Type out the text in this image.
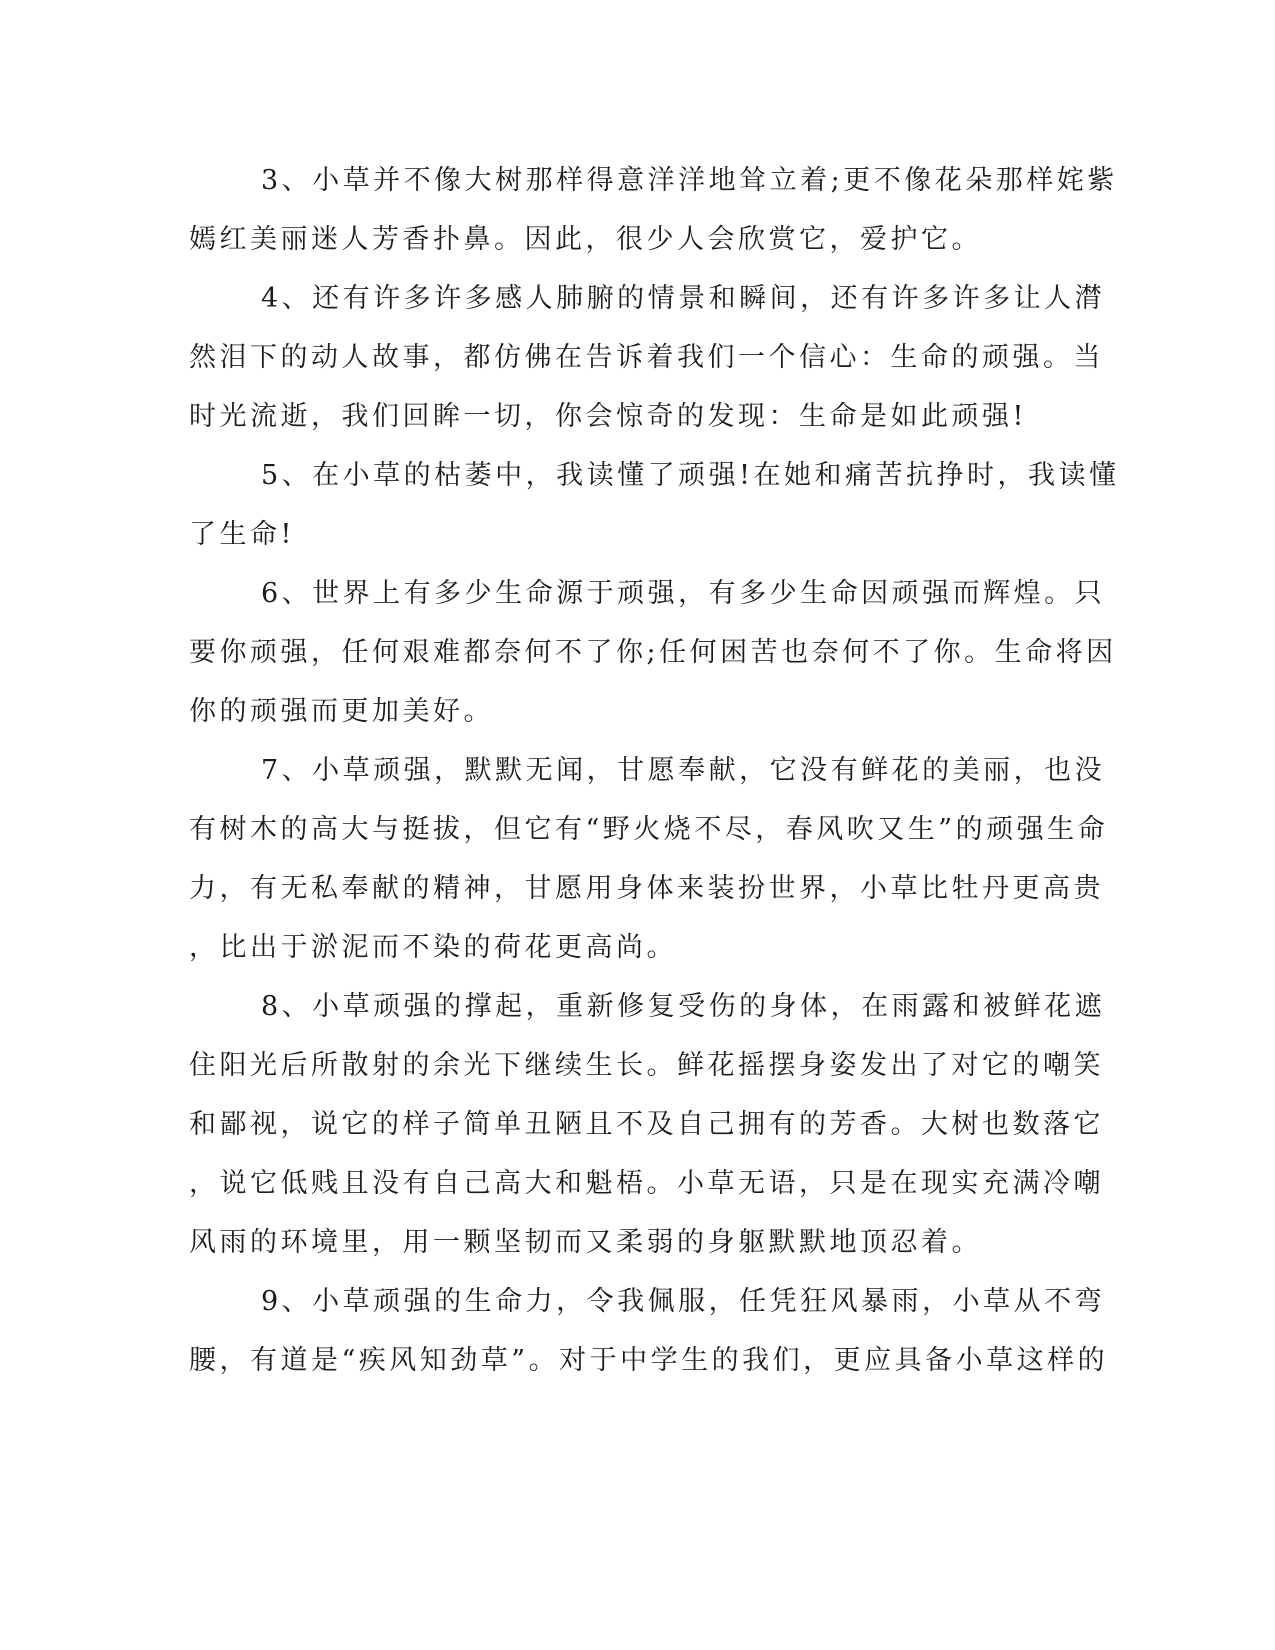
3、小草并不像大树那样得意洋洋地耸立着;更不像花朵那样姹紫
嫣红美丽迷人芳香扑鼻。因此，很少人会欣赏它，爱护它。
4、还有许多许多感人肺腑的情景和瞬间，还有许多许多让人潸
然泪下的动人故事，都仿佛在告诉着我们一个信心：生命的顽强。当
时光流逝，我们回眸一切，你会惊奇的发现：生命是如此顽强!
5、在小草的枯萎中，我读懂了顽强!在她和痛苦抗挣时，我读懂
了生命!
6、世界上有多少生命源于顽强，有多少生命因顽强而辉煌。只
要你顽强，任何艰难都奈何不了你;任何困苦也奈何不了你。生命将因
你的顽强而更加美好。
7、小草顽强，默默无闻，甘愿奉献，它没有鲜花的美丽，也没
有树木的高大与挺拔，但它有“野火烧不尽，春风吹又生”的顽强生命
力，有无私奉献的精神，甘愿用身体来装扮世界，小草比牡丹更高贵
，比出于淤泥而不染的荷花更高尚。
8、小草顽强的撑起，重新修复受伤的身体，在雨露和被鲜花遮
住阳光后所散射的余光下继续生长。鲜花摇摆身姿发出了对它的嘲笑
和鄙视，说它的样子简单丑陋且不及自己拥有的芳香。大树也数落它
，说它低贱且没有自己高大和魁梧。小草无语，只是在现实充满冷嘲
风雨的环境里，用一颗坚韧而又柔弱的身躯默默地顶忍着。
9、小草顽强的生命力，令我佩服，任凭狂风暴雨，小草从不弯
腰，有道是“疾风知劲草”。对于中学生的我们，更应具备小草这样的
